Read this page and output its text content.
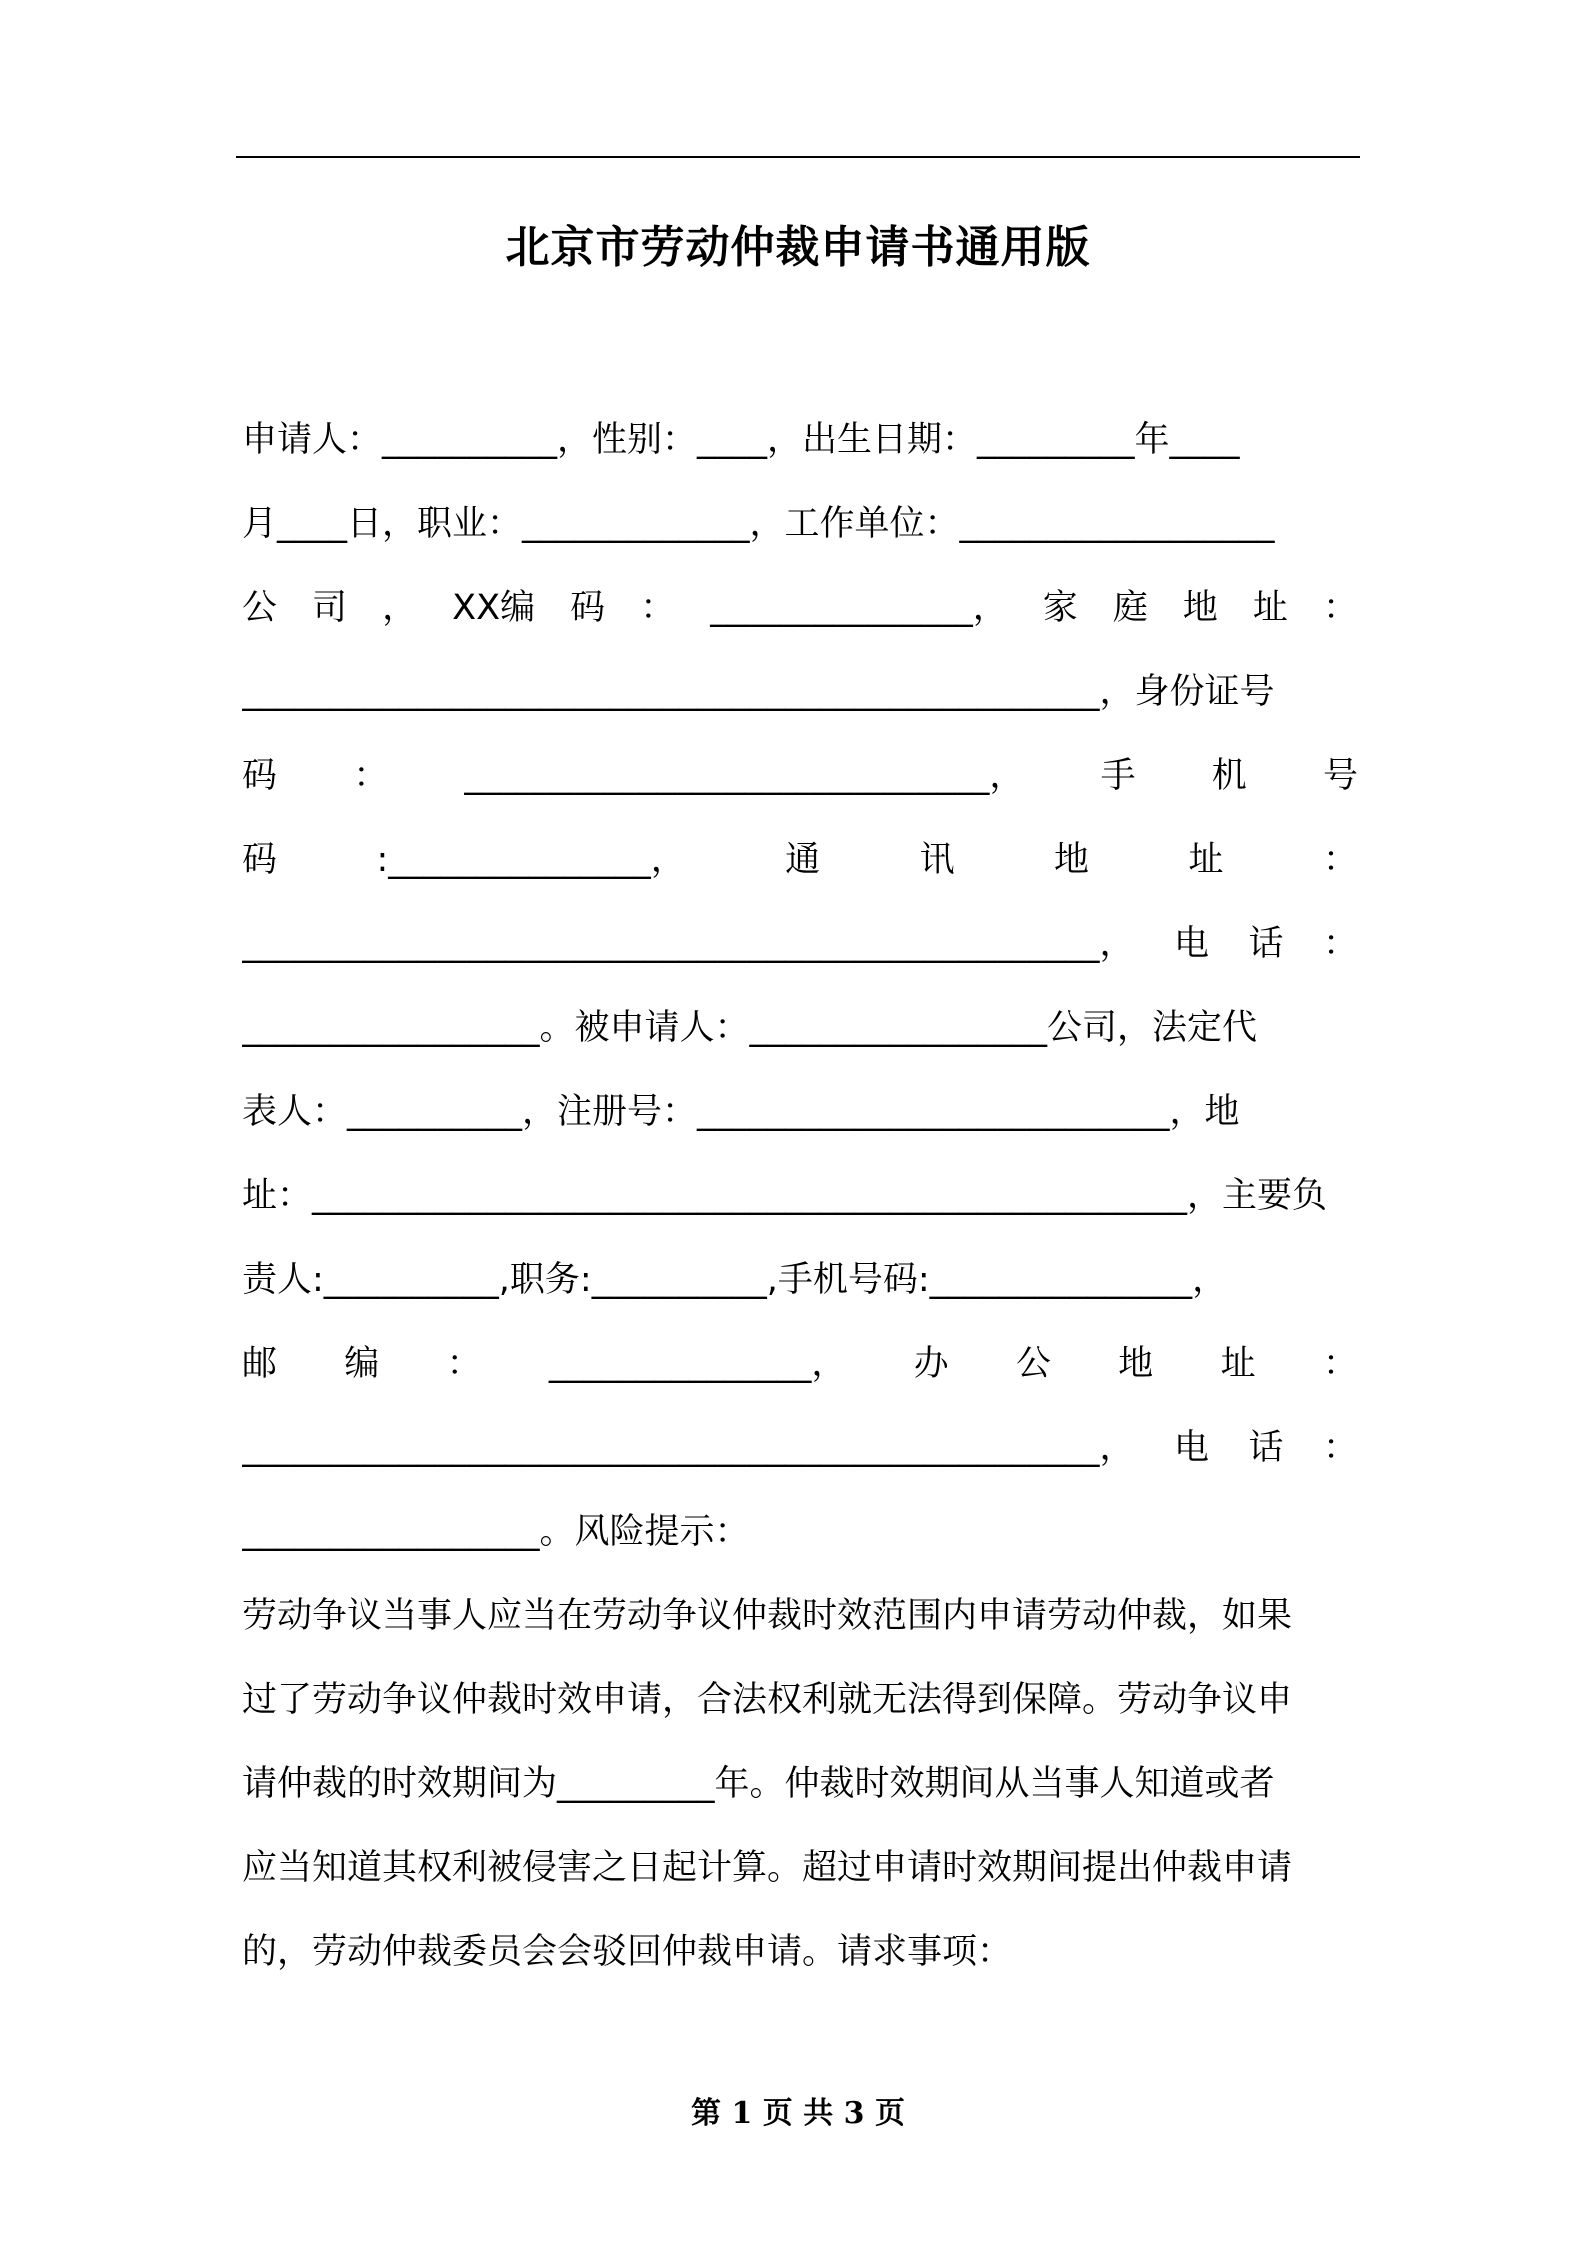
北京市劳动仲裁申请书通用版
申请人：__________，性别：____，出生日期：_________年____
月____日，职业：_____________，工作单位：__________________
公 司 ， XX编 码 ： _______________， 家 庭 地 址 ：
_________________________________________________，身份证号
码 ： ______________________________， 手 机 号
码	:_______________，	通	讯	地	址	：
_________________________________________________， 电 话 ：
_________________。被申请人：_________________公司，法定代
表人：__________，注册号：___________________________，地
址：__________________________________________________，主要负
责人:__________,职务:__________,手机号码:_______________，
邮 编 ： _______________， 办 公 地 址 ：
_________________________________________________， 电 话 ：
_________________。风险提示：
劳动争议当事人应当在劳动争议仲裁时效范围内申请劳动仲裁，如果
过了劳动争议仲裁时效申请，合法权利就无法得到保障。劳动争议申
请仲裁的时效期间为_________年。仲裁时效期间从当事人知道或者
应当知道其权利被侵害之日起计算。超过申请时效期间提出仲裁申请
的，劳动仲裁委员会会驳回仲裁申请。请求事项：
第 1 页 共 3 页
